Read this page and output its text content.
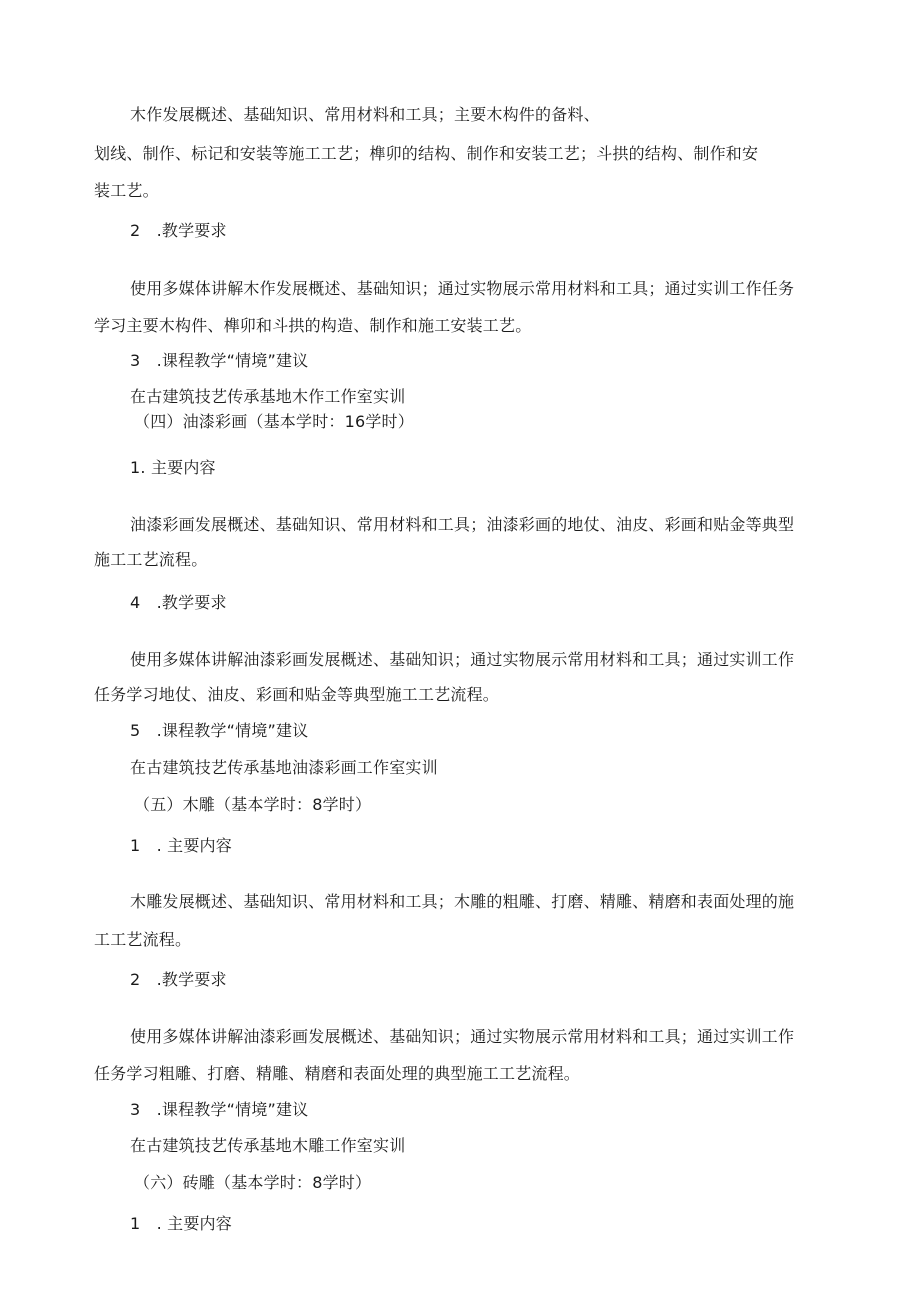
木作发展概述、基础知识、常用材料和工具；主要木构件的备料、
划线、制作、标记和安装等施工工艺；榫卯的结构、制作和安装工艺；斗拱的结构、制作和安
装工艺。
2　.教学要求
使用多媒体讲解木作发展概述、基础知识；通过实物展示常用材料和工具；通过实训工作任务
学习主要木构件、榫卯和斗拱的构造、制作和施工安装工艺。
3　.课程教学“情境”建议
在古建筑技艺传承基地木作工作室实训
（四）油漆彩画（基本学时：16学时）
1. 主要内容
油漆彩画发展概述、基础知识、常用材料和工具；油漆彩画的地仗、油皮、彩画和贴金等典型
施工工艺流程。
4　.教学要求
使用多媒体讲解油漆彩画发展概述、基础知识；通过实物展示常用材料和工具；通过实训工作
任务学习地仗、油皮、彩画和贴金等典型施工工艺流程。
5　.课程教学“情境”建议
在古建筑技艺传承基地油漆彩画工作室实训
（五）木雕（基本学时：8学时）
1　. 主要内容
木雕发展概述、基础知识、常用材料和工具；木雕的粗雕、打磨、精雕、精磨和表面处理的施
工工艺流程。
2　.教学要求
使用多媒体讲解油漆彩画发展概述、基础知识；通过实物展示常用材料和工具；通过实训工作
任务学习粗雕、打磨、精雕、精磨和表面处理的典型施工工艺流程。
3　.课程教学“情境”建议
在古建筑技艺传承基地木雕工作室实训
（六）砖雕（基本学时：8学时）
1　. 主要内容
